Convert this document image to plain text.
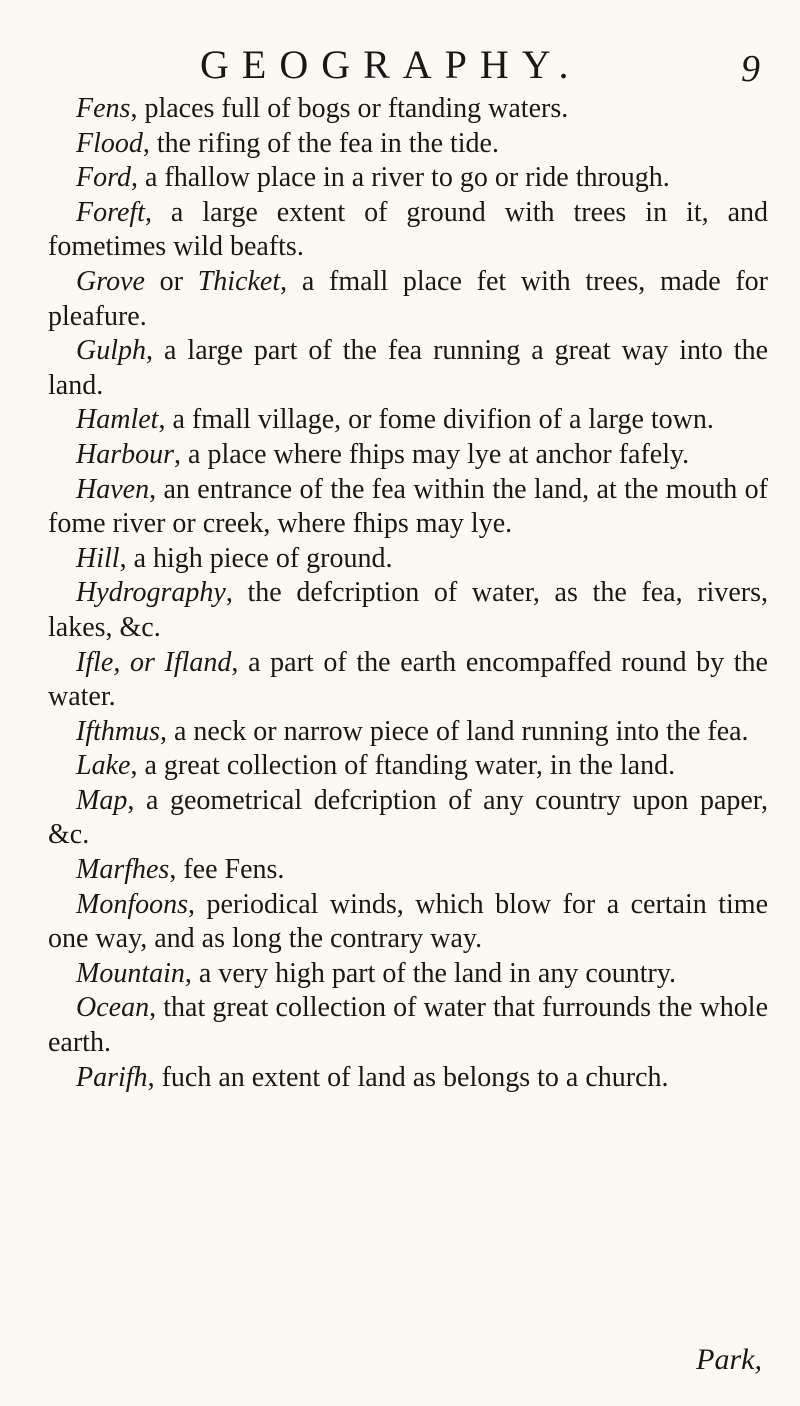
GEOGRAPHY.	9

Fens, places full of bogs or ftanding waters.

Flood, the rifing of the fea in the tide.

Ford, a fhallow place in a river to go or ride through.

Foreft, a large extent of ground with trees in it, and fometimes wild beafts.

Grove or Thicket, a fmall place fet with trees, made for pleafure.

Gulph, a large part of the fea running a great way into the land.

Hamlet, a fmall village, or fome divifion of a large town.

Harbour, a place where fhips may lye at anchor fafely.

Haven, an entrance of the fea within the land, at the mouth of fome river or creek, where fhips may lye.

Hill, a high piece of ground.

Hydrography, the defcription of water, as the fea, rivers, lakes, &c.

Ifle, or Ifland, a part of the earth encompaffed round by the water.

Ifthmus, a neck or narrow piece of land running into the fea.

Lake, a great collection of ftanding water, in the land.

Map, a geometrical defcription of any country upon paper, &c.

Marfhes, fee Fens.

Monfoons, periodical winds, which blow for a certain time one way, and as long the contrary way.

Mountain, a very high part of the land in any country.

Ocean, that great collection of water that furrounds the whole earth.

Parifh, fuch an extent of land as belongs to a church.

Park,
